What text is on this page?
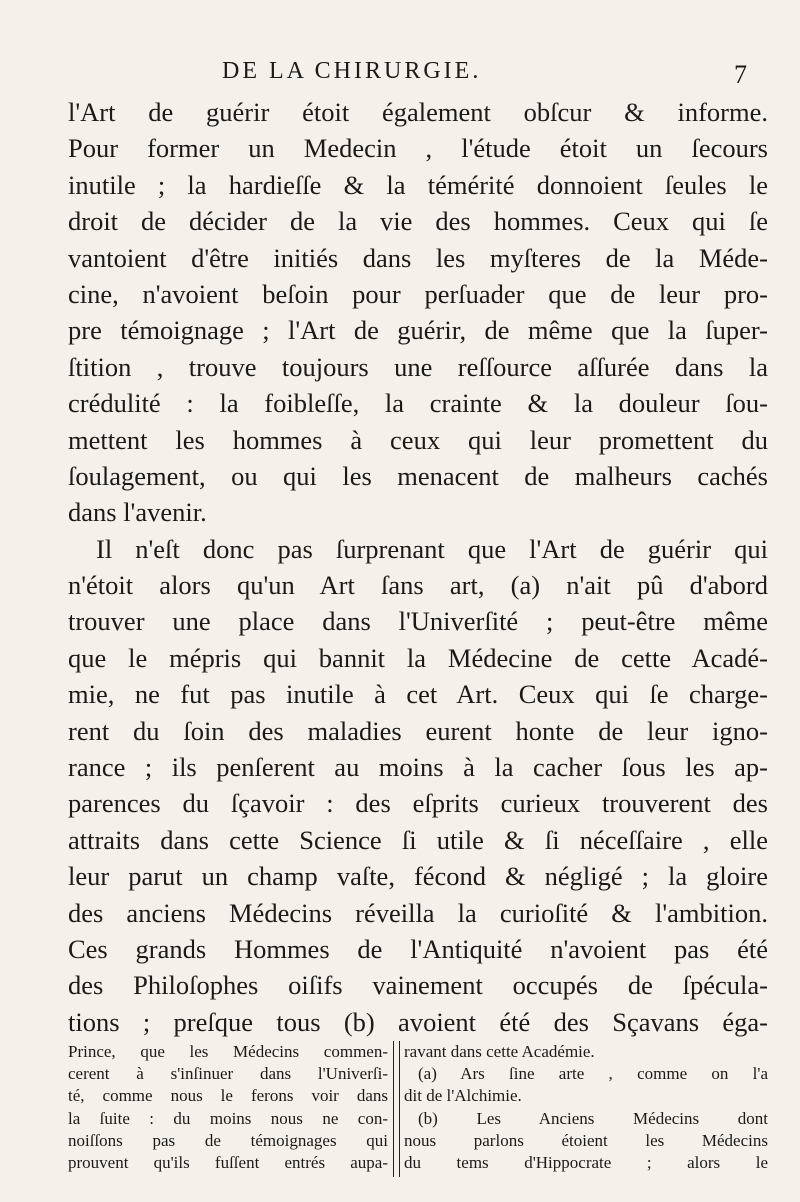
DE LA CHIRURGIE.	7
l'Art de guérir étoit également obſcur & informe.
Pour former un Medecin , l'étude étoit un ſecours
inutile ; la hardieſſe & la témérité donnoient ſeules le
droit de décider de la vie des hommes. Ceux qui ſe
vantoient d'être initiés dans les myſteres de la Méde-
cine, n'avoient beſoin pour perſuader que de leur pro-
pre témoignage ; l'Art de guérir, de même que la ſuper-
ſtition , trouve toujours une reſſource aſſurée dans la
crédulité : la foibleſſe, la crainte & la douleur ſou-
mettent les hommes à ceux qui leur promettent du
ſoulagement, ou qui les menacent de malheurs cachés
dans l'avenir.
Il n'eſt donc pas ſurprenant que l'Art de guérir qui
n'étoit alors qu'un Art ſans art, (a) n'ait pû d'abord
trouver une place dans l'Univerſité ; peut-être même
que le mépris qui bannit la Médecine de cette Acadé-
mie, ne fut pas inutile à cet Art. Ceux qui ſe charge-
rent du ſoin des maladies eurent honte de leur igno-
rance ; ils penſerent au moins à la cacher ſous les ap-
parences du ſçavoir : des eſprits curieux trouverent des
attraits dans cette Science ſi utile & ſi néceſſaire , elle
leur parut un champ vaſte, fécond & négligé ; la gloire
des anciens Médecins réveilla la curioſité & l'ambition.
Ces grands Hommes de l'Antiquité n'avoient pas été
des Philoſophes oiſifs vainement occupés de ſpécula-
tions ; preſque tous (b) avoient été des Sçavans éga-
Prince, que les Médecins commen-
cerent à s'inſinuer dans l'Univerſi-
té, comme nous le ferons voir dans
la ſuite : du moins nous ne con-
noiſſons pas de témoignages qui
prouvent qu'ils fuſſent entrés aupa-
ravant dans cette Académie.
(a) Ars ſine arte , comme on l'a
dit de l'Alchimie.
(b) Les Anciens Médecins dont
nous parlons étoient les Médecins
du tems d'Hippocrate ; alors le
